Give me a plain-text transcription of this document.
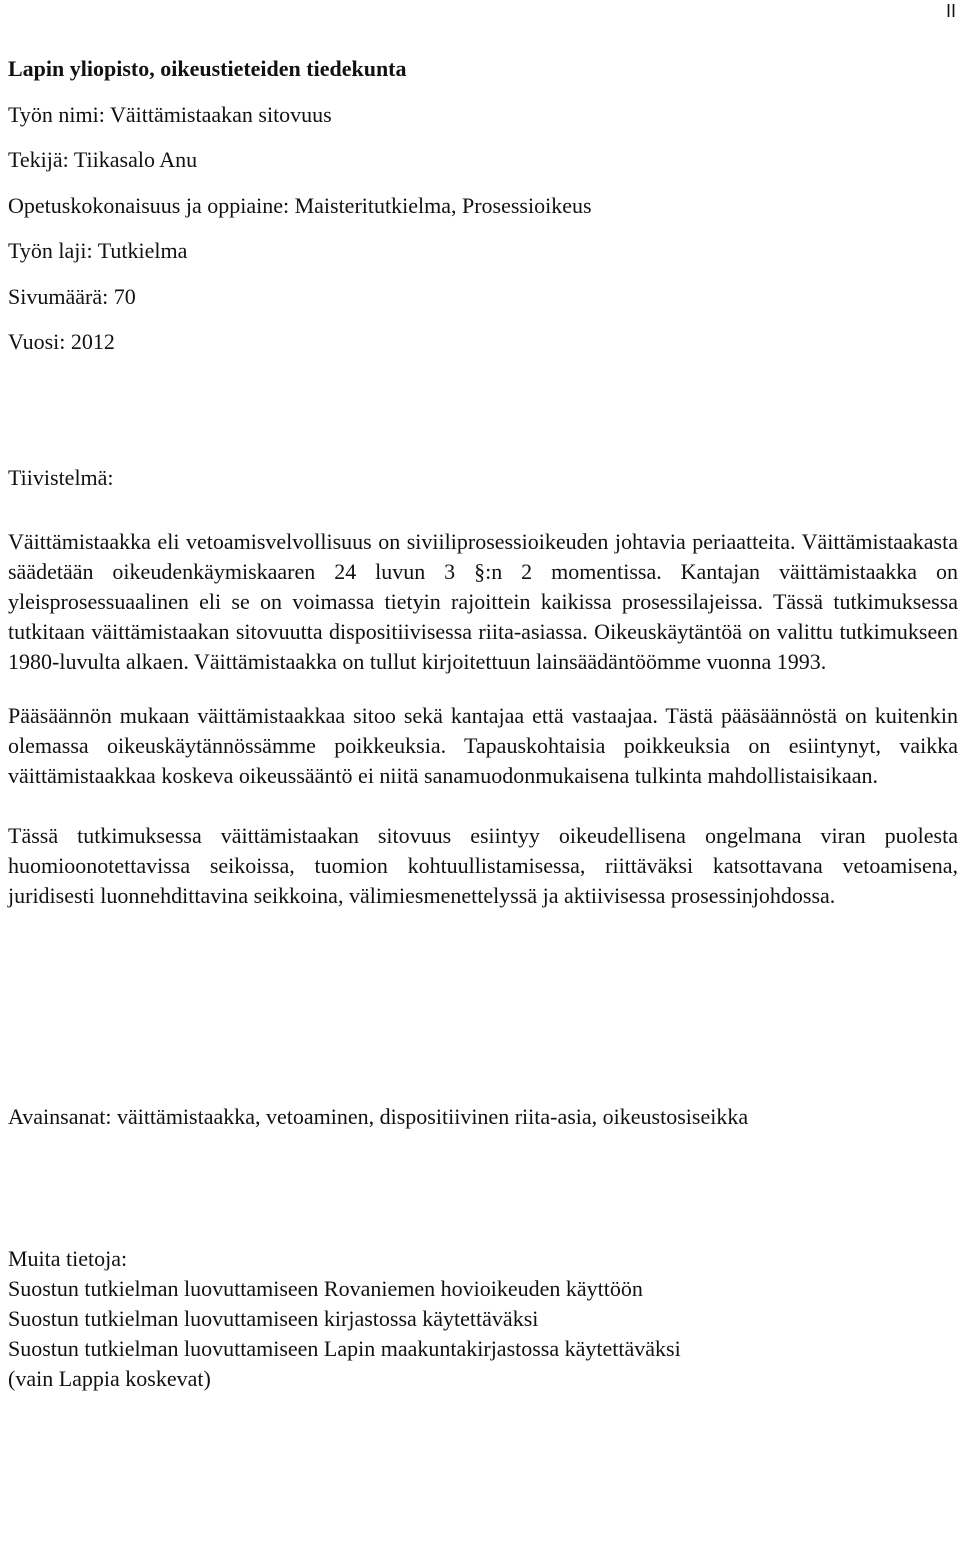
II
Lapin yliopisto, oikeustieteiden tiedekunta
Työn nimi: Väittämistaakan sitovuus
Tekijä: Tiikasalo Anu
Opetuskokonaisuus ja oppiaine: Maisteritutkielma, Prosessioikeus
Työn laji: Tutkielma
Sivumäärä: 70
Vuosi: 2012
Tiivistelmä:

Väittämistaakka eli vetoamisvelvollisuus on siviiliprosessioikeuden johtavia periaatteita. Väittämistaakasta säädetään oikeudenkäymiskaaren 24 luvun 3 §:n 2 momentissa. Kantajan väittämistaakka on yleisprosessuaalinen eli se on voimassa tietyin rajoittein kaikissa prosessilajeissa. Tässä tutkimuksessa tutkitaan väittämistaakan sitovuutta dispositiivisessa riita-asiassa. Oikeuskäytäntöä on valittu tutkimukseen 1980-luvulta alkaen. Väittämistaakka on tullut kirjoitettuun lainsäädäntöömme vuonna 1993.

Pääsäännön mukaan väittämistaakkaa sitoo sekä kantajaa että vastaajaa. Tästä pääsäännöstä on kuitenkin olemassa oikeuskäytännössämme poikkeuksia. Tapauskohtaisia poikkeuksia on esiintynyt, vaikka väittämistaakkaa koskeva oikeussääntö ei niitä sanamuodonmukaisena tulkinta mahdollistaisikaan.

Tässä tutkimuksessa väittämistaakan sitovuus esiintyy oikeudellisena ongelmana viran puolesta huomioonotettavissa seikoissa, tuomion kohtuullistamisessa, riittäväksi katsottavana vetoamisena, juridisesti luonnehdittavina seikkoina, välimiesmenettelyssä ja aktiivisessa prosessinjohdossa.

Avainsanat: väittämistaakka, vetoaminen, dispositiivinen riita-asia, oikeustosiseikka
Muita tietoja:
Suostun tutkielman luovuttamiseen Rovaniemen hovioikeuden käyttöön
Suostun tutkielman luovuttamiseen kirjastossa käytettäväksi
Suostun tutkielman luovuttamiseen Lapin maakuntakirjastossa käytettäväksi
(vain Lappia koskevat)
